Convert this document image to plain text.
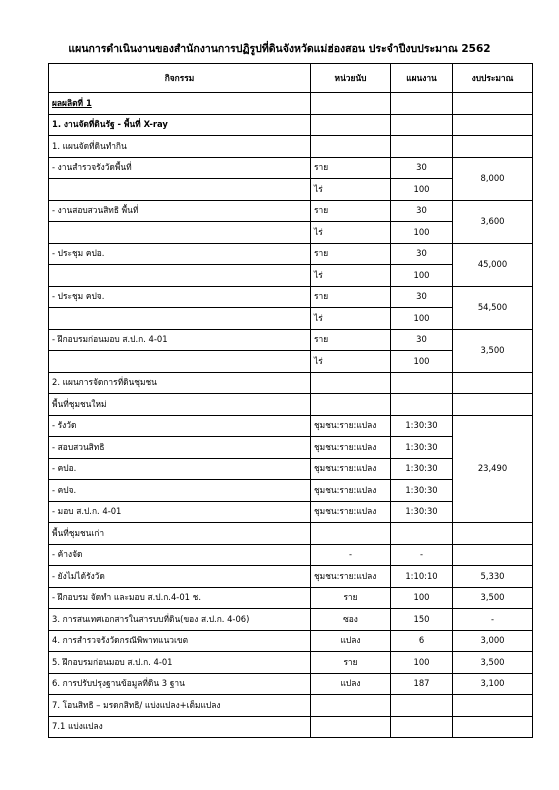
แผนการดำเนินงานของสำนักงานการปฏิรูปที่ดินจังหวัดแม่ฮ่องสอน ประจำปีงบประมาณ 2562
กิจกรรม	หน่วยนับ	แผนงาน	งบประมาณ
ผลผลิตที่ 1			
1. งานจัดที่ดินรัฐ - พื้นที่ X-ray			
1. แผนจัดที่ดินทำกิน			
- งานสำรวจรังวัดพื้นที่	ราย	30	8,000
	ไร่	100	
- งานสอบสวนสิทธิ พื้นที่	ราย	30	3,600
	ไร่	100	
- ประชุม คปอ.	ราย	30	45,000
	ไร่	100	
- ประชุม คปจ.	ราย	30	54,500
	ไร่	100	
- ฝึกอบรมก่อนมอบ ส.ป.ก. 4-01	ราย	30	3,500
	ไร่	100	
2. แผนการจัดการที่ดินชุมชน			
พื้นที่ชุมชนใหม่			
- รังวัด	ชุมชน:ราย:แปลง	1:30:30	23,490
- สอบสวนสิทธิ	ชุมชน:ราย:แปลง	1:30:30	
- คปอ.	ชุมชน:ราย:แปลง	1:30:30	
- คปจ.	ชุมชน:ราย:แปลง	1:30:30	
- มอบ ส.ป.ก. 4-01	ชุมชน:ราย:แปลง	1:30:30	
พื้นที่ชุมชนเก่า			
- ค้างจัด	-	-	
- ยังไม่ได้รังวัด	ชุมชน:ราย:แปลง	1:10:10	5,330
- ฝึกอบรม จัดทำ และมอบ ส.ป.ก.4-01 ช.	ราย	100	3,500
3. การสนเทศเอกสารในสารบบที่ดิน(ของ ส.ป.ก. 4-06)	ซอง	150	-
4. การสำรวจรังวัดกรณีพิพาทแนวเขต	แปลง	6	3,000
5. ฝึกอบรมก่อนมอบ ส.ป.ก. 4-01	ราย	100	3,500
6. การปรับปรุงฐานข้อมูลที่ดิน 3 ฐาน	แปลง	187	3,100
7. โอนสิทธิ – มรดกสิทธิ/ แบ่งแปลง+เต็มแปลง			
7.1 แบ่งแปลง			
